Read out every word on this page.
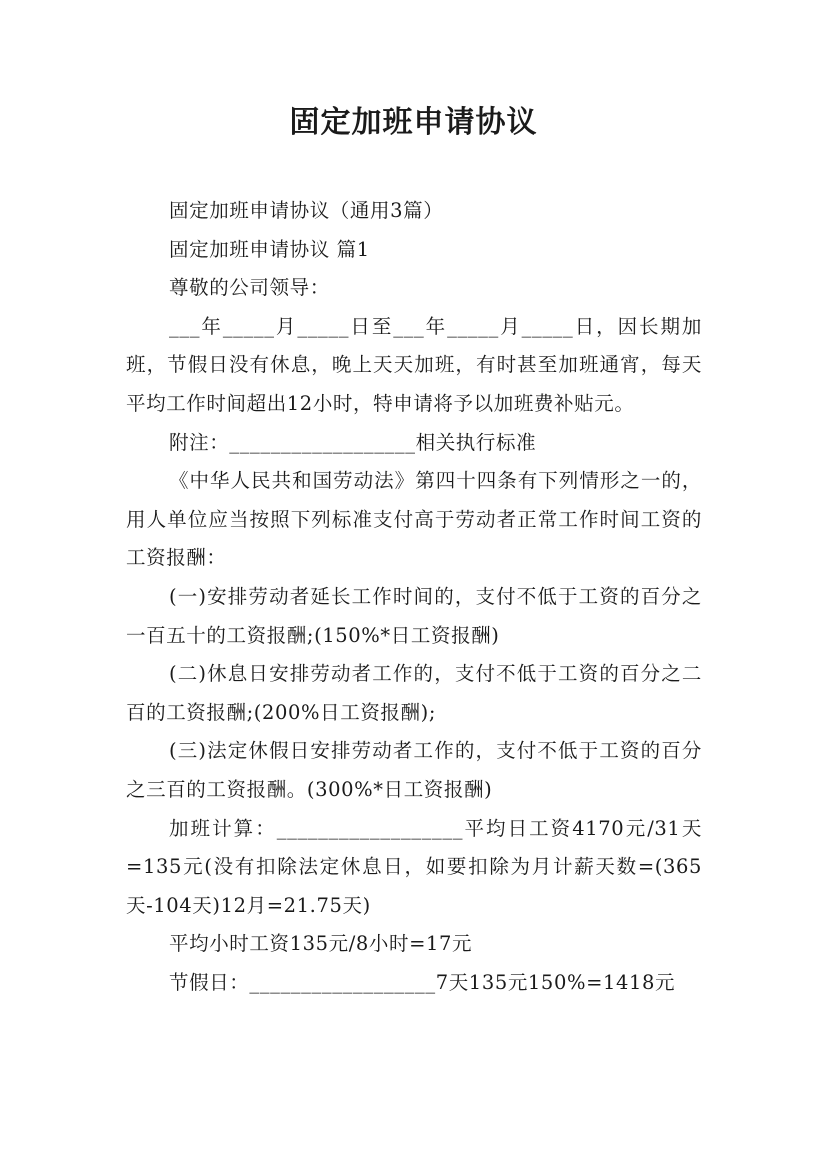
固定加班申请协议

固定加班申请协议（通用3篇）

固定加班申请协议 篇1

尊敬的公司领导：

___年_____月_____日至___年_____月_____日，因长期加班，节假日没有休息，晚上天天加班，有时甚至加班通宵，每天平均工作时间超出12小时，特申请将予以加班费补贴元。

附注：__________________相关执行标准

《中华人民共和国劳动法》第四十四条有下列情形之一的，用人单位应当按照下列标准支付高于劳动者正常工作时间工资的工资报酬：

(一)安排劳动者延长工作时间的，支付不低于工资的百分之一百五十的工资报酬;(150%*日工资报酬)

(二)休息日安排劳动者工作的，支付不低于工资的百分之二百的工资报酬;(200%日工资报酬);

(三)法定休假日安排劳动者工作的，支付不低于工资的百分之三百的工资报酬。(300%*日工资报酬)

加班计算：__________________平均日工资4170元/31天=135元(没有扣除法定休息日，如要扣除为月计薪天数=(365天-104天)12月=21.75天)

平均小时工资135元/8小时=17元

节假日：__________________7天135元150%=1418元
